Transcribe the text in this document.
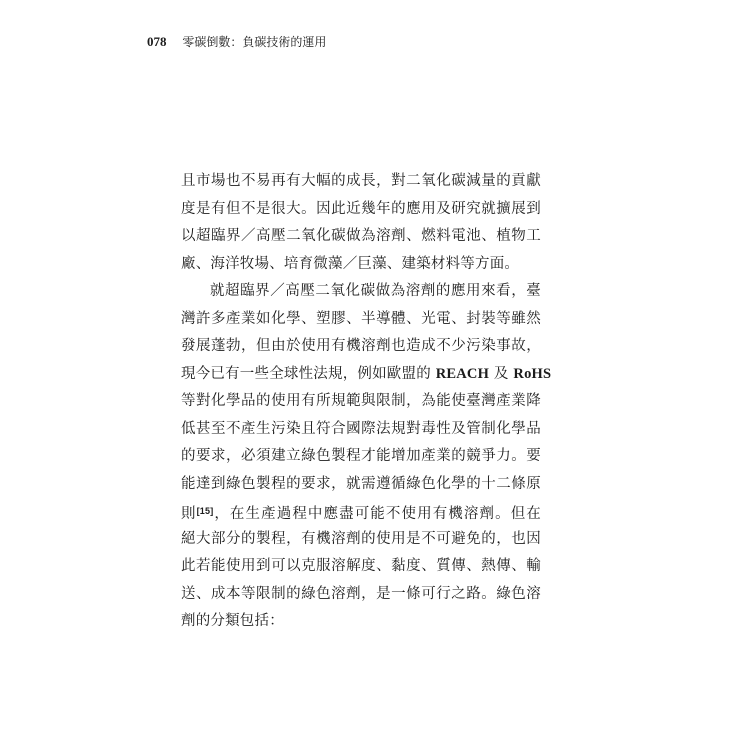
078 零碳倒數：負碳技術的運用
且市場也不易再有大幅的成長，對二氧化碳減量的貢獻
度是有但不是很大。因此近幾年的應用及研究就擴展到
以超臨界／高壓二氧化碳做為溶劑、燃料電池、植物工
廠、海洋牧場、培育微藻／巨藻、建築材料等方面。
就超臨界／高壓二氧化碳做為溶劑的應用來看，臺
灣許多產業如化學、塑膠、半導體、光電、封裝等雖然
發展蓬勃，但由於使用有機溶劑也造成不少污染事故，
現今已有一些全球性法規，例如歐盟的 REACH 及 RoHS
等對化學品的使用有所規範與限制，為能使臺灣產業降
低甚至不產生污染且符合國際法規對毒性及管制化學品
的要求，必須建立綠色製程才能增加產業的競爭力。要
能達到綠色製程的要求，就需遵循綠色化學的十二條原
則[15]，在生產過程中應盡可能不使用有機溶劑。但在
絕大部分的製程，有機溶劑的使用是不可避免的，也因
此若能使用到可以克服溶解度、黏度、質傳、熱傳、輸
送、成本等限制的綠色溶劑，是一條可行之路。綠色溶
劑的分類包括：
